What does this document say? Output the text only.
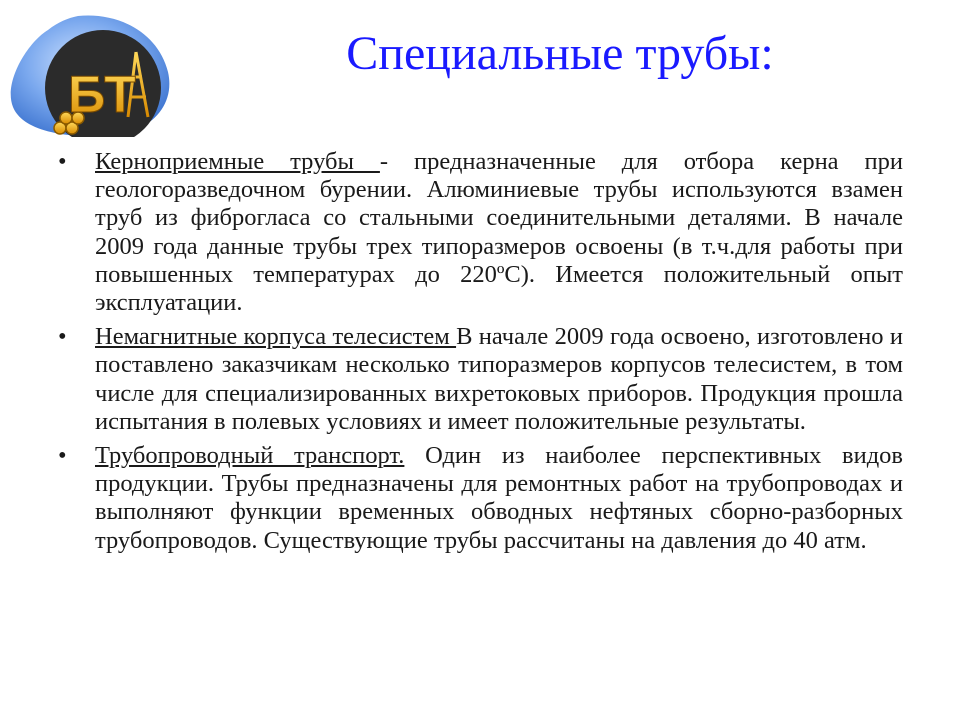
БТ
Специальные трубы:
• Кернoприемные трубы - предназначенные для отбора керна при геологоразведочном бурении. Алюминиевые трубы используются взамен труб из фиброгласа со стальными соединительными деталями. В начале 2009 года данные трубы трех типоразмеров освоены (в т.ч.для работы при повышенных температурах до 220ºС). Имеется положительный опыт эксплуатации.
• Немагнитные корпуса телесистем В начале 2009 года освоено, изготовлено и поставлено заказчикам несколько типоразмеров корпусов телесистем, в том числе для специализированных вихретоковых приборов. Продукция прошла испытания в полевых условиях и имеет положительные результаты.
• Трубопроводный транспорт. Один из наиболее перспективных видов продукции. Трубы предназначены для ремонтных работ на трубопроводах и выполняют функции временных обводных нефтяных сборно-разборных трубопроводов. Существующие трубы рассчитаны на давления до 40 атм.
